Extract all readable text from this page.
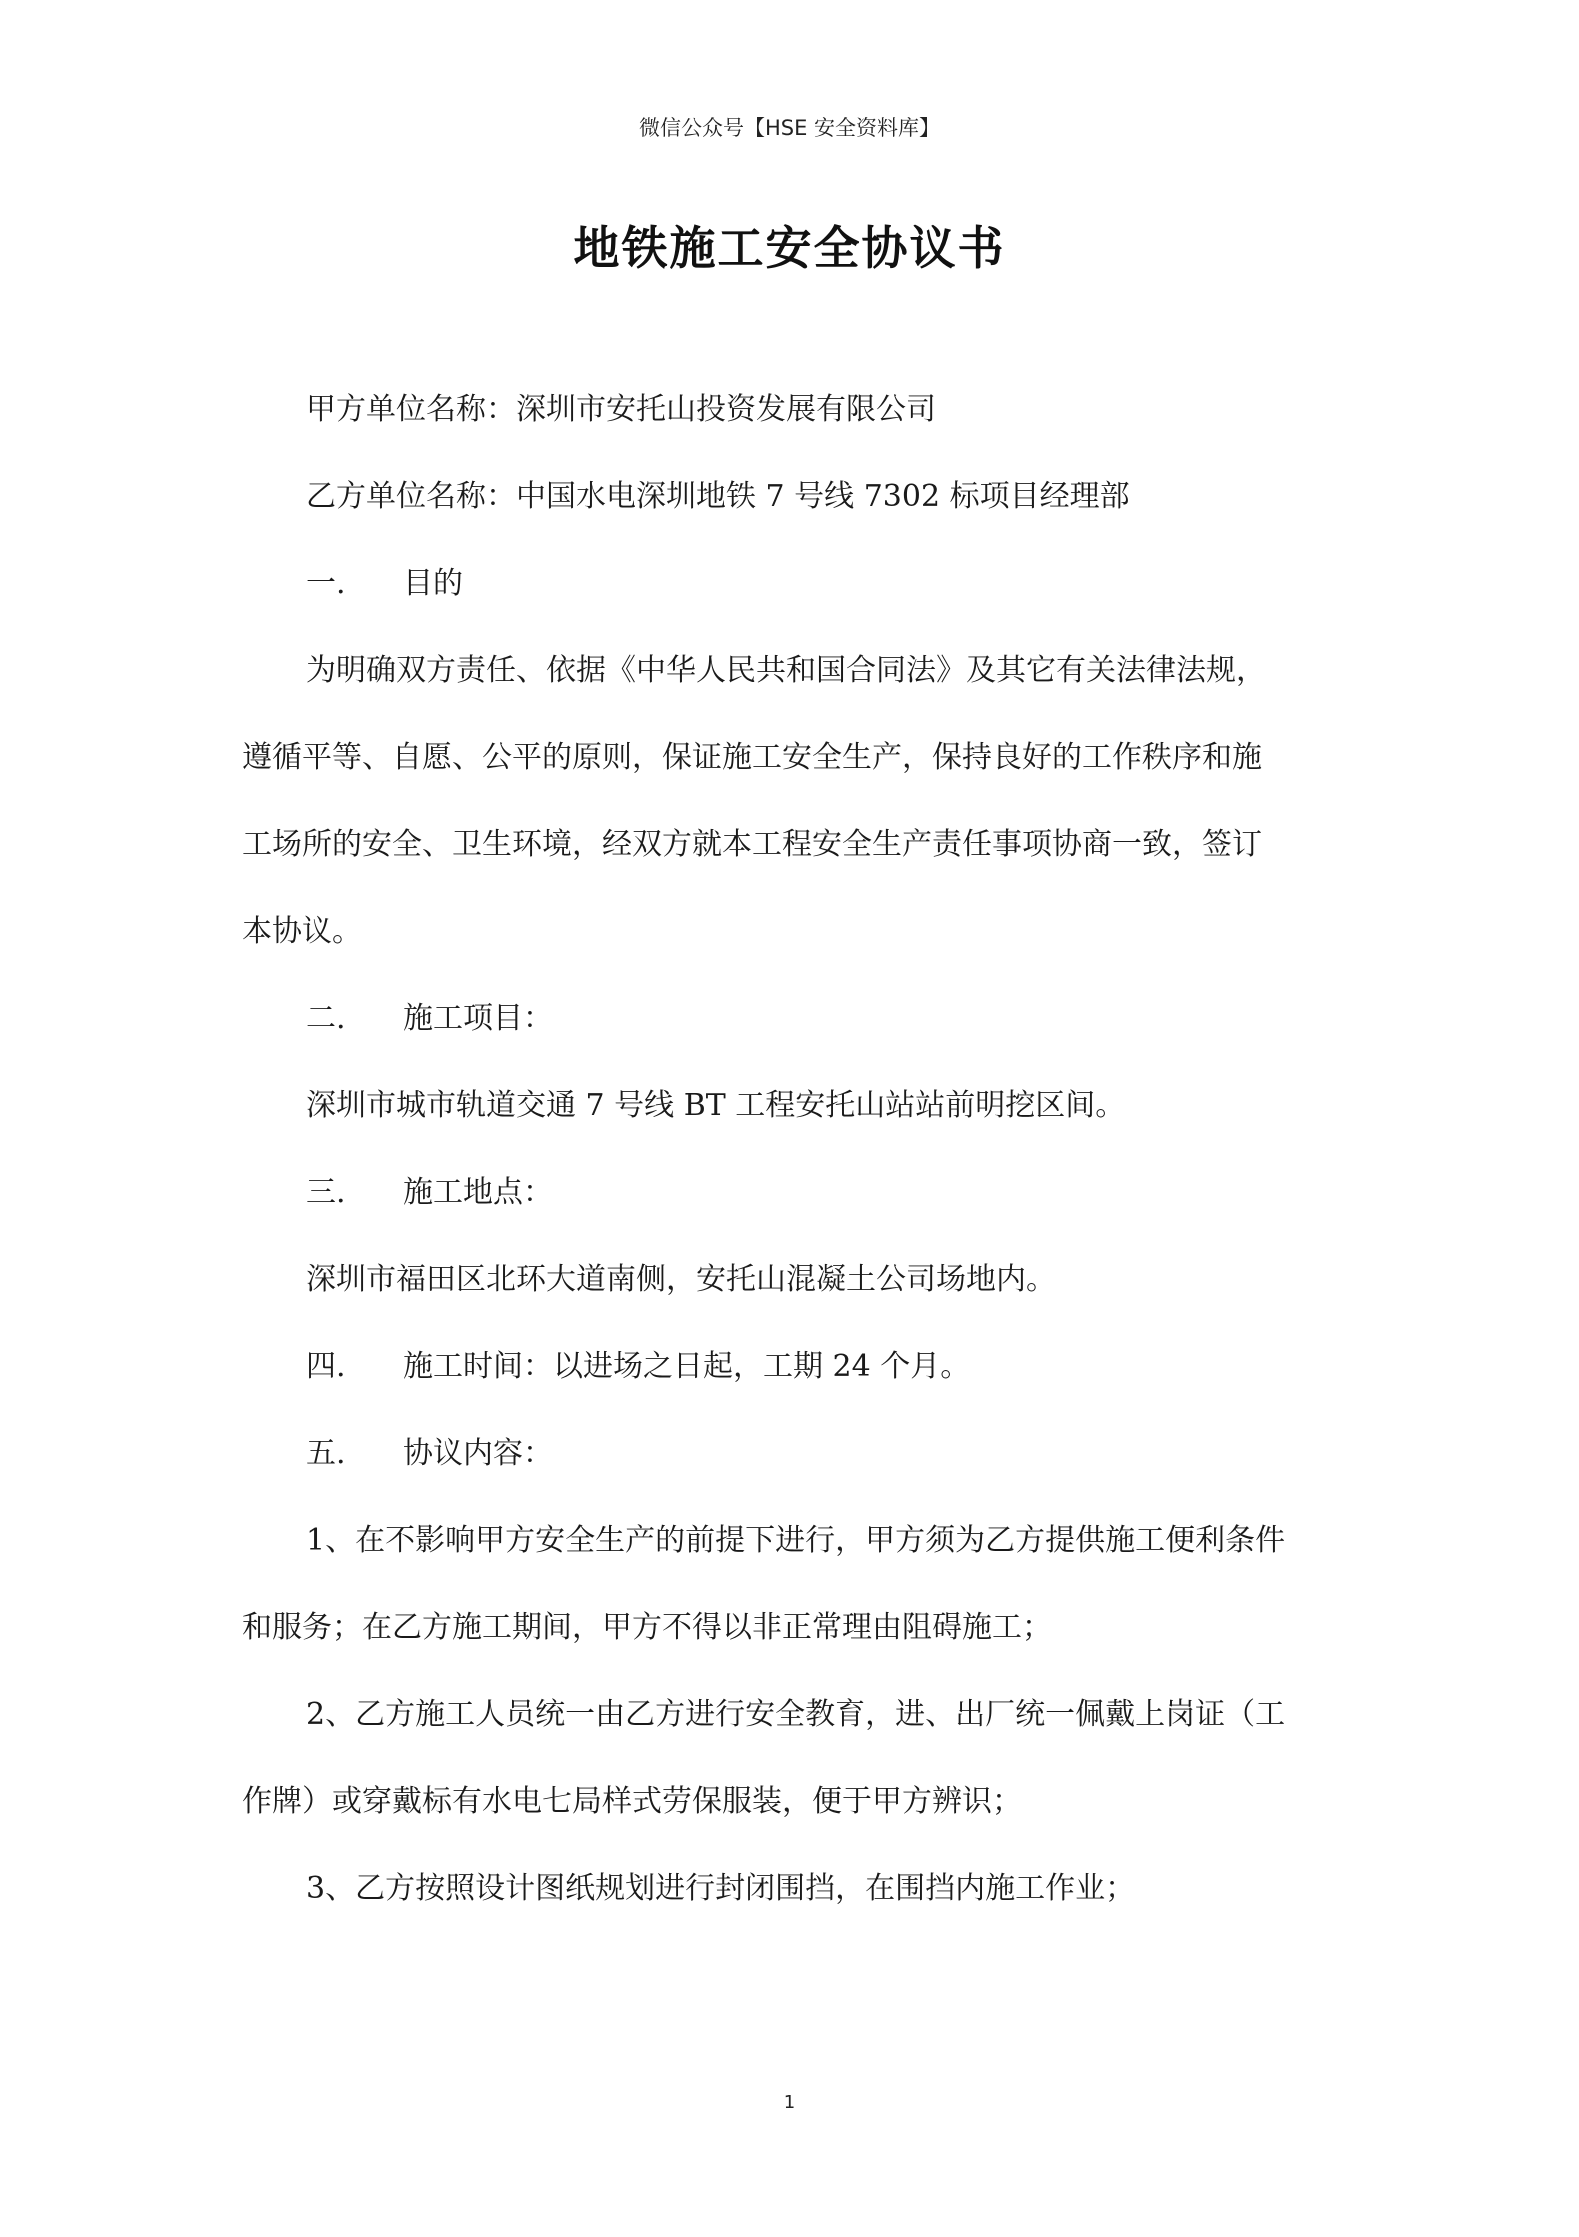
微信公众号【HSE 安全资料库】
地铁施工安全协议书

甲方单位名称：深圳市安托山投资发展有限公司

乙方单位名称：中国水电深圳地铁 7 号线 7302 标项目经理部

一. 目的

为明确双方责任、依据《中华人民共和国合同法》及其它有关法律法规，

遵循平等、自愿、公平的原则，保证施工安全生产，保持良好的工作秩序和施

工场所的安全、卫生环境，经双方就本工程安全生产责任事项协商一致，签订

本协议。

二. 施工项目：

深圳市城市轨道交通 7 号线 BT 工程安托山站站前明挖区间。

三. 施工地点：

深圳市福田区北环大道南侧，安托山混凝土公司场地内。

四. 施工时间：以进场之日起，工期 24 个月。

五. 协议内容：

1、在不影响甲方安全生产的前提下进行，甲方须为乙方提供施工便利条件

和服务；在乙方施工期间，甲方不得以非正常理由阻碍施工；

2、乙方施工人员统一由乙方进行安全教育，进、出厂统一佩戴上岗证（工

作牌）或穿戴标有水电七局样式劳保服装，便于甲方辨识；

3、乙方按照设计图纸规划进行封闭围挡，在围挡内施工作业；

1
